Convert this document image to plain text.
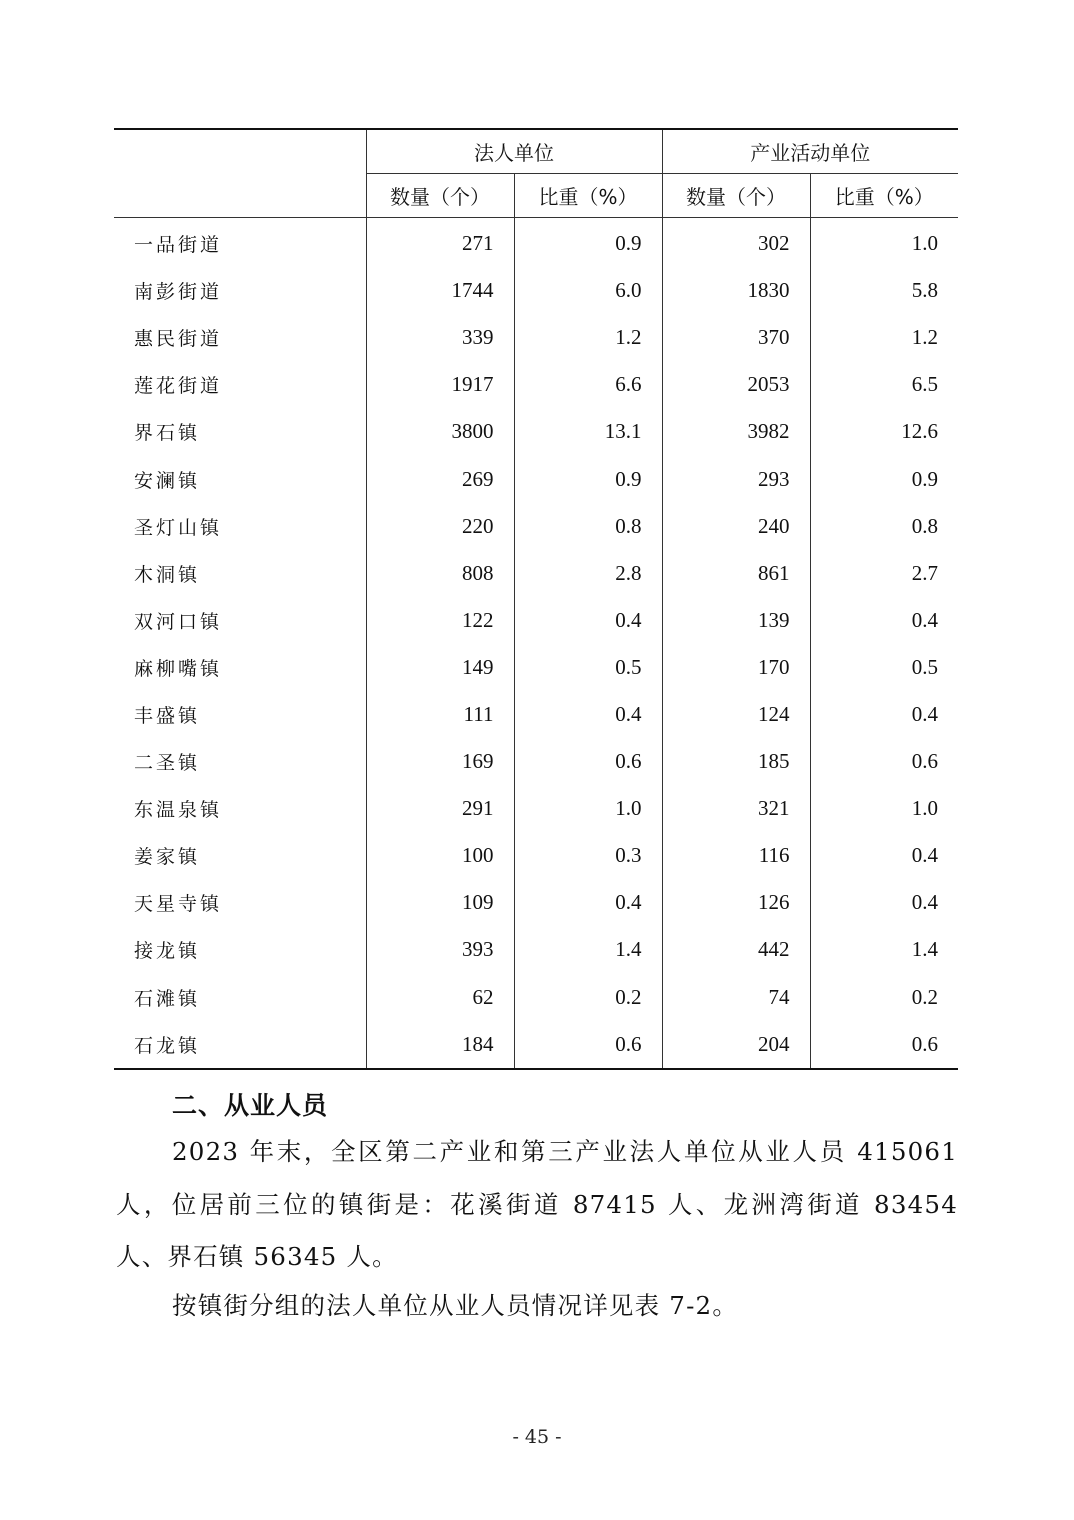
	法人单位		产业活动单位	
	数量（个）	比重（%）	数量（个）	比重（%）
一品街道	271	0.9	302	1.0
南彭街道	1744	6.0	1830	5.8
惠民街道	339	1.2	370	1.2
莲花街道	1917	6.6	2053	6.5
界石镇	3800	13.1	3982	12.6
安澜镇	269	0.9	293	0.9
圣灯山镇	220	0.8	240	0.8
木洞镇	808	2.8	861	2.7
双河口镇	122	0.4	139	0.4
麻柳嘴镇	149	0.5	170	0.5
丰盛镇	111	0.4	124	0.4
二圣镇	169	0.6	185	0.6
东温泉镇	291	1.0	321	1.0
姜家镇	100	0.3	116	0.4
天星寺镇	109	0.4	126	0.4
接龙镇	393	1.4	442	1.4
石滩镇	62	0.2	74	0.2
石龙镇	184	0.6	204	0.6
二、从业人员

2023 年末，全区第二产业和第三产业法人单位从业人员 415061 人，位居前三位的镇街是：花溪街道 87415 人、龙洲湾街道 83454 人、界石镇 56345 人。

按镇街分组的法人单位从业人员情况详见表 7-2。

- 45 -
